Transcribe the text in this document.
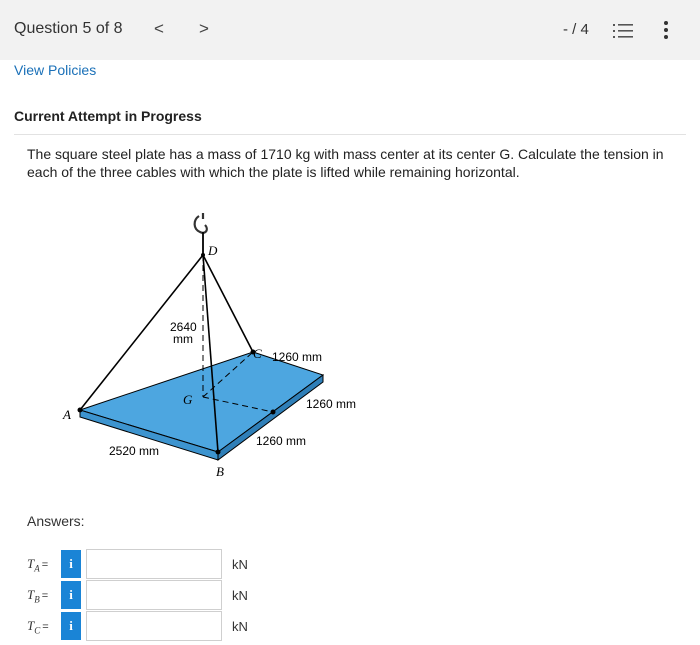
Question 5 of 8 < >	- / 4
View Policies
Current Attempt in Progress

The square steel plate has a mass of 1710 kg with mass center at its center G. Calculate the tension in each of the three cables with which the plate is lifted while remaining horizontal.

D
C
G
A
B
2640
mm
1260 mm
1260 mm
1260 mm
2520 mm
Answers:
$T_A$ =	i	kN
$T_B$ =	i	kN
$T_C$ =	i	kN
